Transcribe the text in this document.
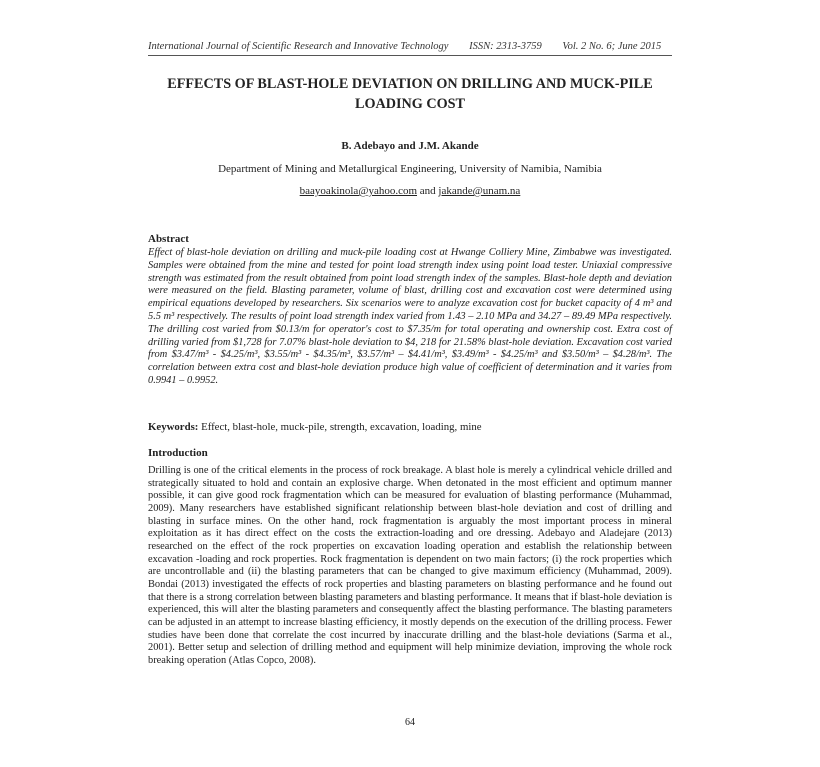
International Journal of Scientific Research and Innovative Technology ISSN: 2313-3759 Vol. 2 No. 6; June 2015
EFFECTS OF BLAST-HOLE DEVIATION ON DRILLING AND MUCK-PILE
LOADING COST
B. Adebayo and J.M. Akande
Department of Mining and Metallurgical Engineering, University of Namibia, Namibia
baayoakinola@yahoo.com and jakande@unam.na
Abstract

Effect of blast-hole deviation on drilling and muck-pile loading cost at Hwange Colliery Mine, Zimbabwe was investigated. Samples were obtained from the mine and tested for point load strength index using point load tester. Uniaxial compressive strength was estimated from the result obtained from point load strength index of the samples. Blast-hole depth and deviation were measured on the field. Blasting parameter, volume of blast, drilling cost and excavation cost were determined using empirical equations developed by researchers. Six scenarios were to analyze excavation cost for bucket capacity of 4 m³ and 5.5 m³ respectively. The results of point load strength index varied from 1.43 – 2.10 MPa and 34.27 – 89.49 MPa respectively. The drilling cost varied from $0.13/m for operator's cost to $7.35/m for total operating and ownership cost. Extra cost of drilling varied from $1,728 for 7.07% blast-hole deviation to $4, 218 for 21.58% blast-hole deviation. Excavation cost varied from $3.47/m³ - $4.25/m³, $3.55/m³ - $4.35/m³, $3.57/m³ – $4.41/m³, $3.49/m³ - $4.25/m³ and $3.50/m³ – $4.28/m³. The correlation between extra cost and blast-hole deviation produce high value of coefficient of determination and it varies from 0.9941 – 0.9952.

Keywords: Effect, blast-hole, muck-pile, strength, excavation, loading, mine
Introduction

Drilling is one of the critical elements in the process of rock breakage. A blast hole is merely a cylindrical vehicle drilled and strategically situated to hold and contain an explosive charge. When detonated in the most efficient and optimum manner possible, it can give good rock fragmentation which can be measured for evaluation of blasting performance (Muhammad, 2009). Many researchers have established significant relationship between blast-hole deviation and cost of drilling and blasting in surface mines. On the other hand, rock fragmentation is arguably the most important process in mineral exploitation as it has direct effect on the costs the extraction-loading and ore dressing. Adebayo and Aladejare (2013) researched on the effect of the rock properties on excavation loading operation and establish the relationship between excavation -loading and rock properties. Rock fragmentation is dependent on two main factors; (i) the rock properties which are uncontrollable and (ii) the blasting parameters that can be changed to give maximum efficiency (Muhammad, 2009). Bondai (2013) investigated the effects of rock properties and blasting parameters on blasting performance and he found out that there is a strong correlation between blasting parameters and blasting performance. It means that if blast-hole deviation is experienced, this will alter the blasting parameters and consequently affect the blasting performance. The blasting parameters can be adjusted in an attempt to increase blasting efficiency, it mostly depends on the execution of the drilling process. Fewer studies have been done that correlate the cost incurred by inaccurate drilling and the blast-hole deviations (Sarma et al., 2001). Better setup and selection of drilling method and equipment will help minimize deviation, improving the whole rock breaking operation (Atlas Copco, 2008).

64
